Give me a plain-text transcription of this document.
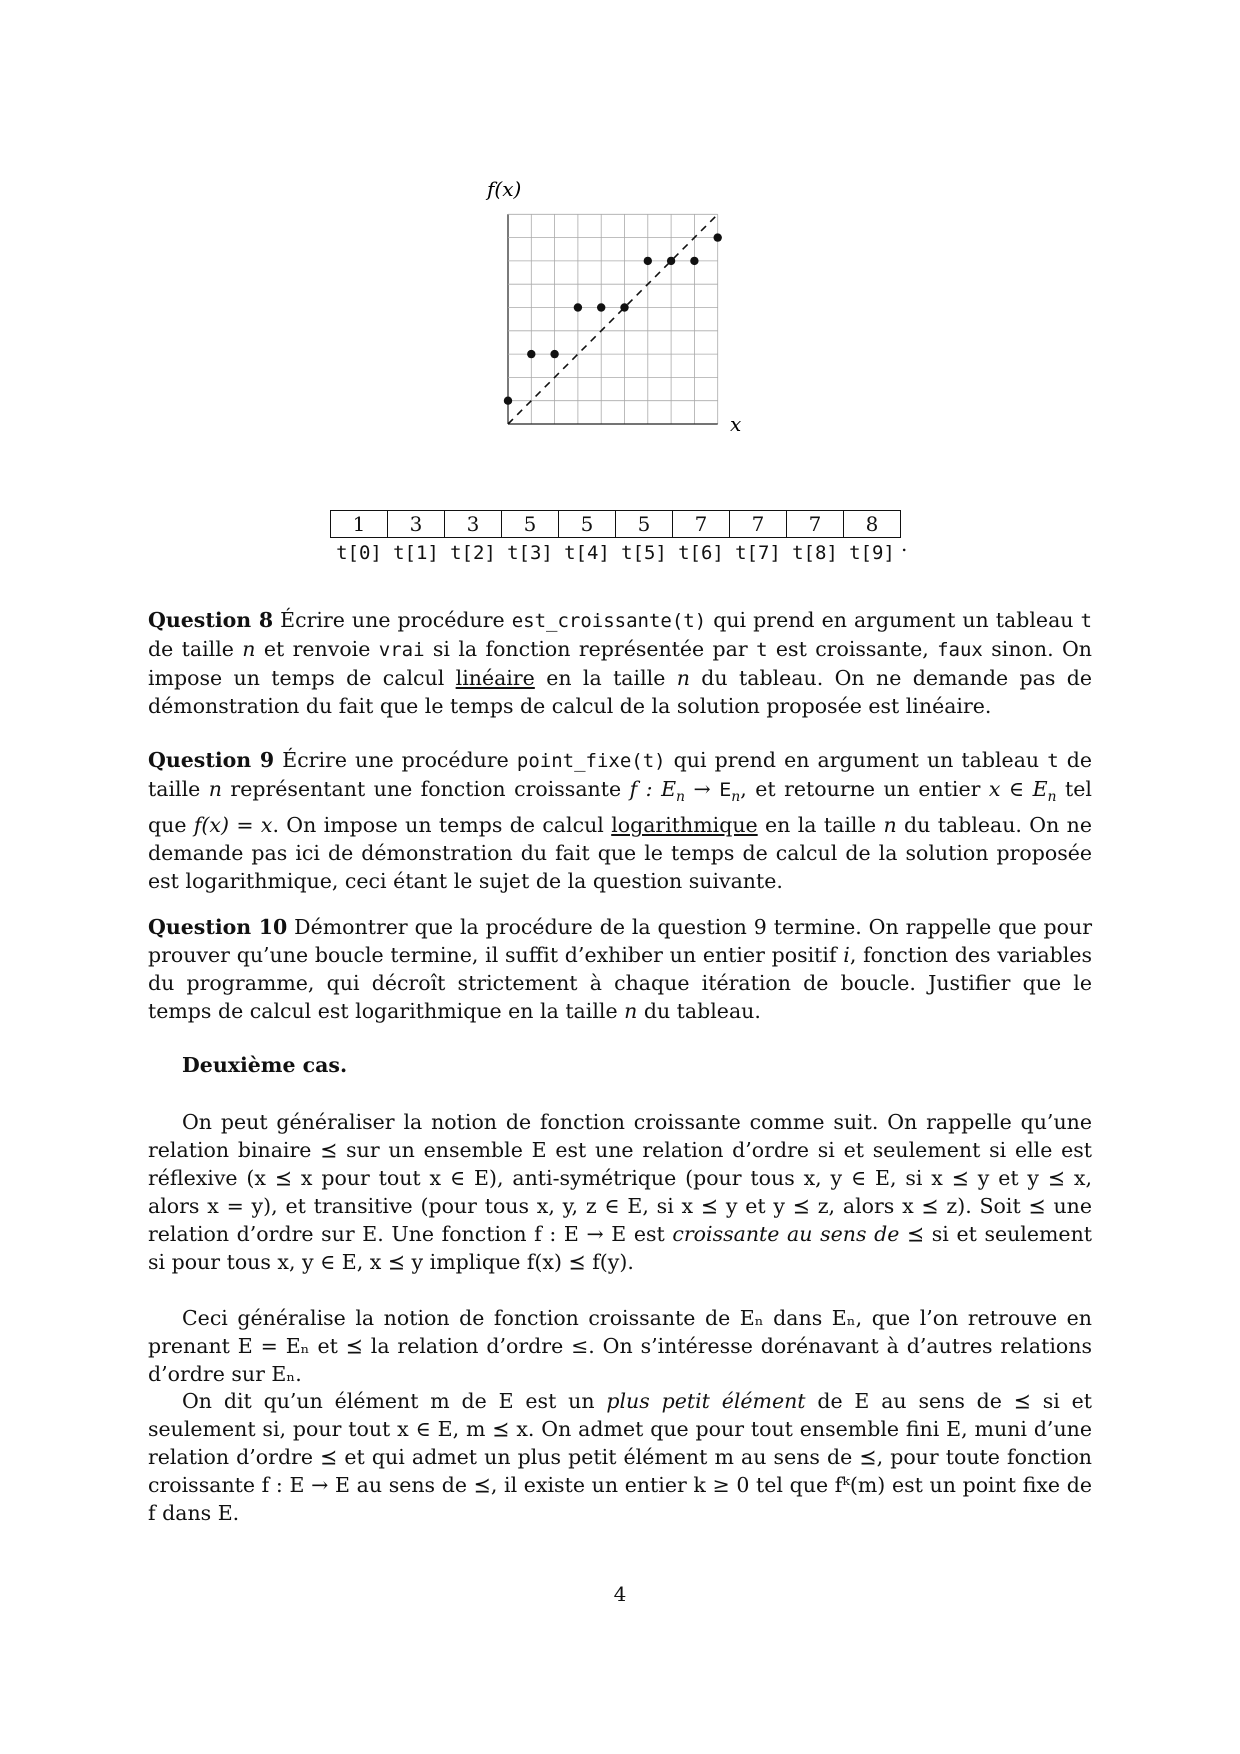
f(x)
x
1	3	3	5	5	5	7	7	7	8
t[0]	t[1]	t[2]	t[3]	t[4]	t[5]	t[6]	t[7]	t[8]	t[9] .
Question 8 Écrire une procédure est_croissante(t) qui prend en argument un tableau t de taille n et renvoie vrai si la fonction représentée par t est croissante, faux sinon. On impose un temps de calcul linéaire en la taille n du tableau. On ne demande pas de démonstration du fait que le temps de calcul de la solution proposée est linéaire.
Question 9 Écrire une procédure point_fixe(t) qui prend en argument un tableau t de taille n représentant une fonction croissante f : $E_n \to E_n$, et retourne un entier x ∈ $E_n$ tel que f(x) = x. On impose un temps de calcul logarithmique en la taille n du tableau. On ne demande pas ici de démonstration du fait que le temps de calcul de la solution proposée est logarithmique, ceci étant le sujet de la question suivante.
Question 10 Démontrer que la procédure de la question 9 termine. On rappelle que pour prouver qu’une boucle termine, il suffit d’exhiber un entier positif i, fonction des variables du programme, qui décroît strictement à chaque itération de boucle. Justifier que le temps de calcul est logarithmique en la taille n du tableau.
Deuxième cas.
On peut généraliser la notion de fonction croissante comme suit. On rappelle qu’une relation binaire ⪯ sur un ensemble E est une relation d’ordre si et seulement si elle est réflexive (x ⪯ x pour tout x ∈ E), anti-symétrique (pour tous x, y ∈ E, si x ⪯ y et y ⪯ x, alors x = y), et transitive (pour tous x, y, z ∈ E, si x ⪯ y et y ⪯ z, alors x ⪯ z). Soit ⪯ une relation d’ordre sur E. Une fonction f : E → E est croissante au sens de ⪯ si et seulement si pour tous x, y ∈ E, x ⪯ y implique f(x) ⪯ f(y).
Ceci généralise la notion de fonction croissante de Eₙ dans Eₙ, que l’on retrouve en prenant E = Eₙ et ⪯ la relation d’ordre ≤. On s’intéresse dorénavant à d’autres relations d’ordre sur Eₙ.
On dit qu’un élément m de E est un plus petit élément de E au sens de ⪯ si et seulement si, pour tout x ∈ E, m ⪯ x. On admet que pour tout ensemble fini E, muni d’une relation d’ordre ⪯ et qui admet un plus petit élément m au sens de ⪯, pour toute fonction croissante f : E → E au sens de ⪯, il existe un entier k ≥ 0 tel que fᵏ(m) est un point fixe de f dans E.
4
